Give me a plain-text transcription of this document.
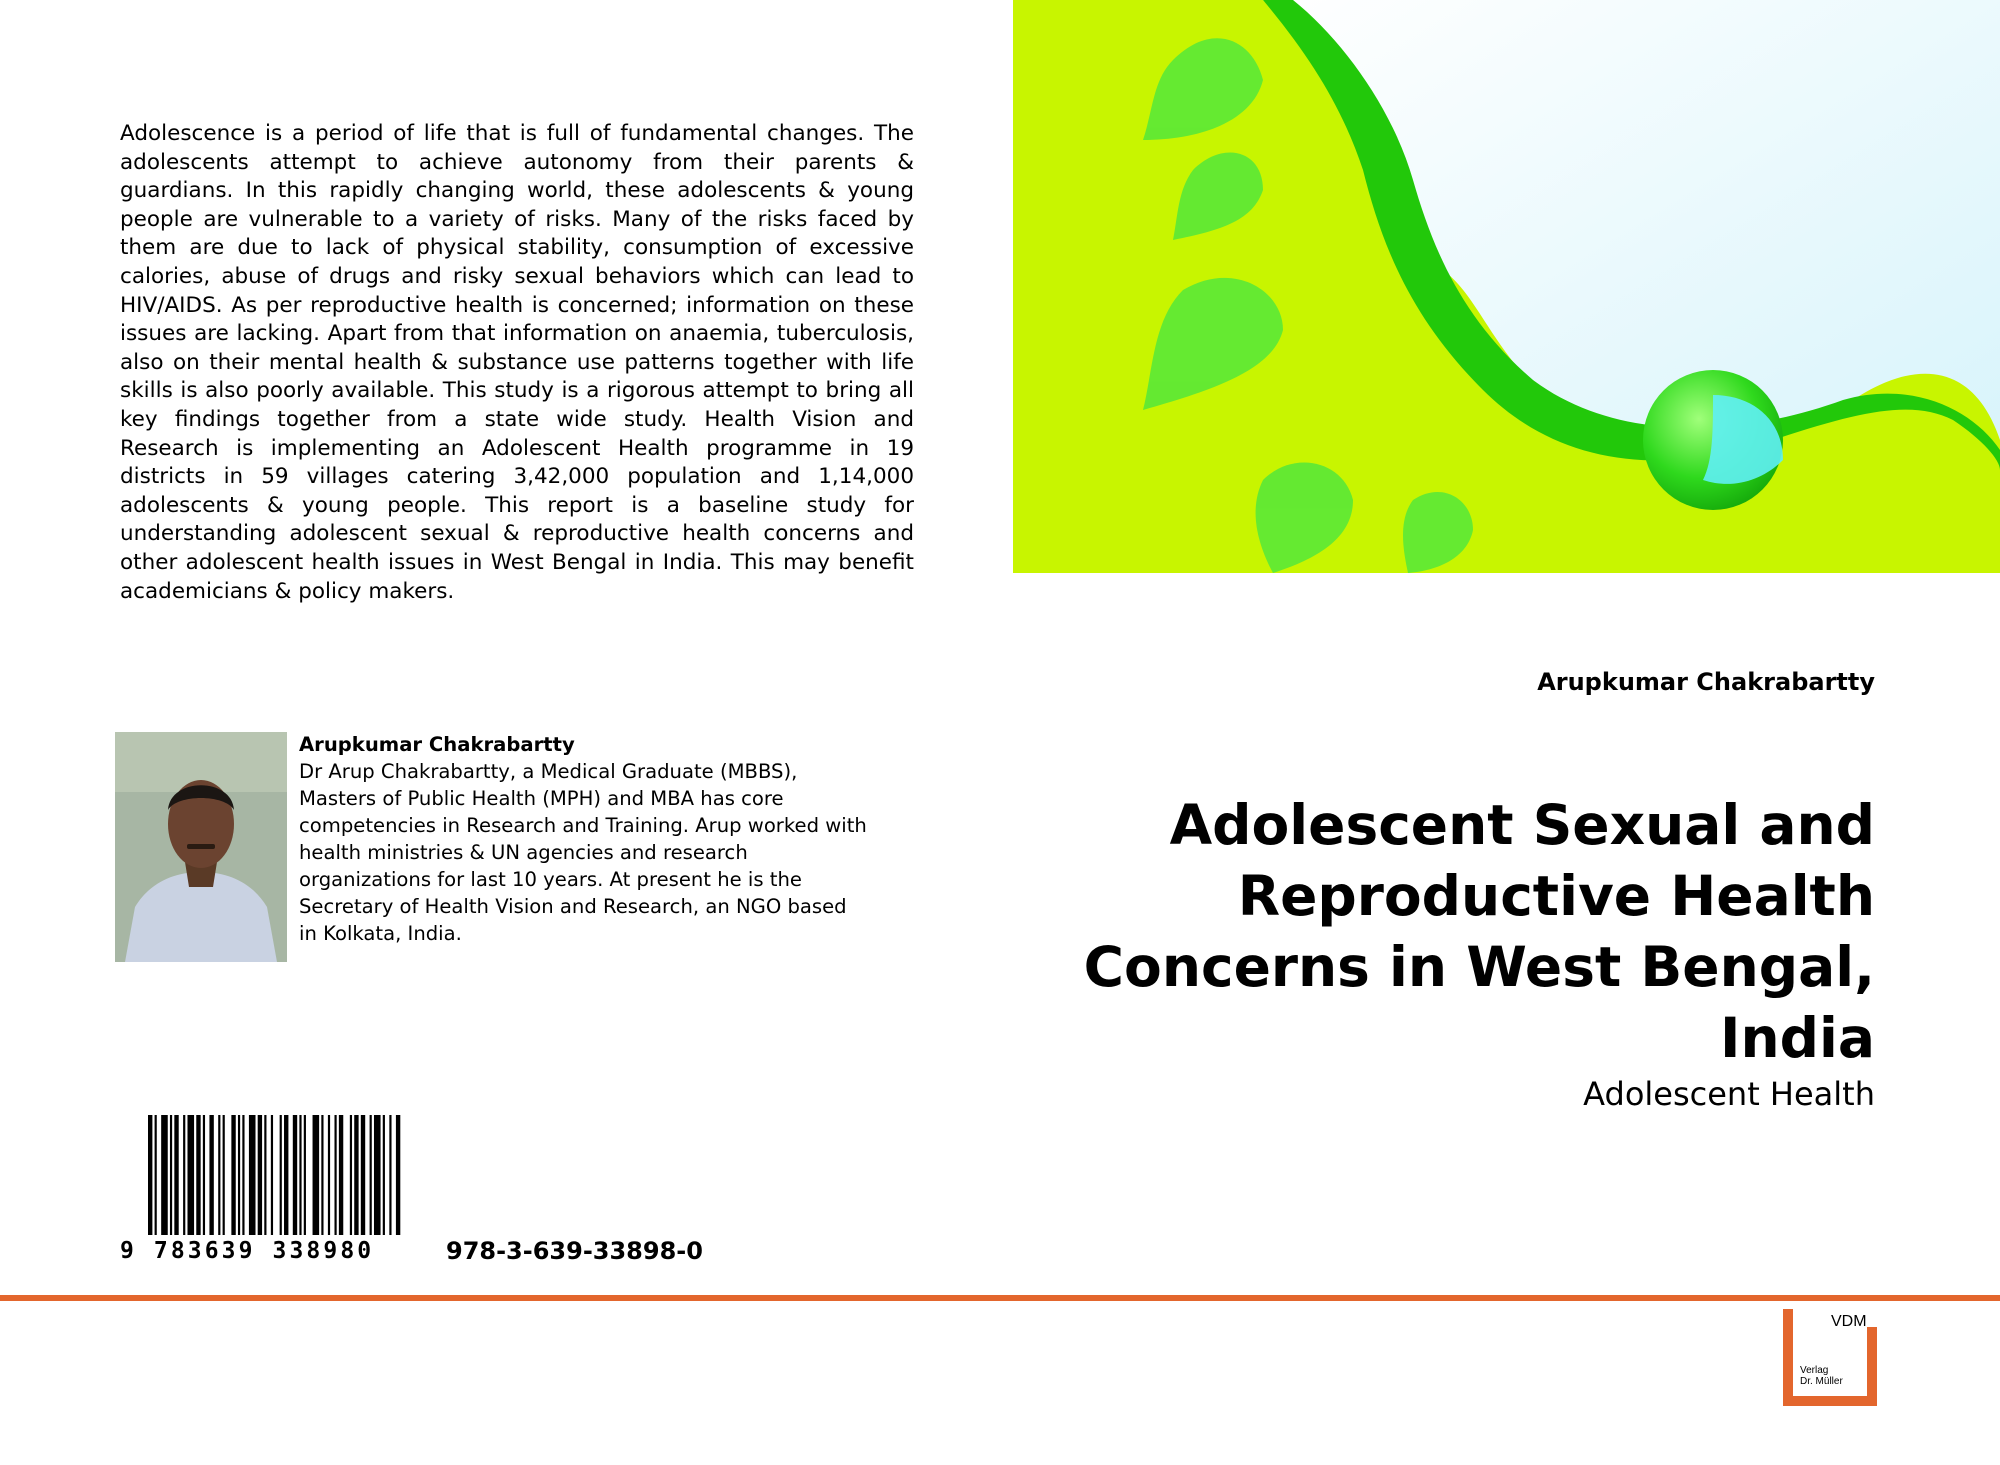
Adolescence is a period of life that is full of fundamental changes. The adolescents attempt to achieve autonomy from their parents & guardians. In this rapidly changing world, these adolescents & young people are vulnerable to a variety of risks. Many of the risks faced by them are due to lack of physical stability, consumption of excessive calories, abuse of drugs and risky sexual behaviors which can lead to HIV/AIDS. As per reproductive health is concerned; information on these issues are lacking. Apart from that information on anaemia, tuberculosis, also on their mental health & substance use patterns together with life skills is also poorly available. This study is a rigorous attempt to bring all key findings together from a state wide study. Health Vision and Research is implementing an Adolescent Health programme in 19 districts in 59 villages catering 3,42,000 population and 1,14,000 adolescents & young people. This report is a baseline study for understanding adolescent sexual & reproductive health concerns and other adolescent health issues in West Bengal in India. This may benefit academicians & policy makers.

Arupkumar Chakrabartty
Adolescent Sexual and Reproductive Health Concerns in West Bengal, India
Adolescent Health
Arupkumar Chakrabartty
Dr Arup Chakrabartty, a Medical Graduate (MBBS), Masters of Public Health (MPH) and MBA has core competencies in Research and Training. Arup worked with health ministries & UN agencies and research organizations for last 10 years. At present he is the Secretary of Health Vision and Research, an NGO based in Kolkata, India.
9 783639 338980	978-3-639-33898-0
VDM
Verlag
Dr. Müller
